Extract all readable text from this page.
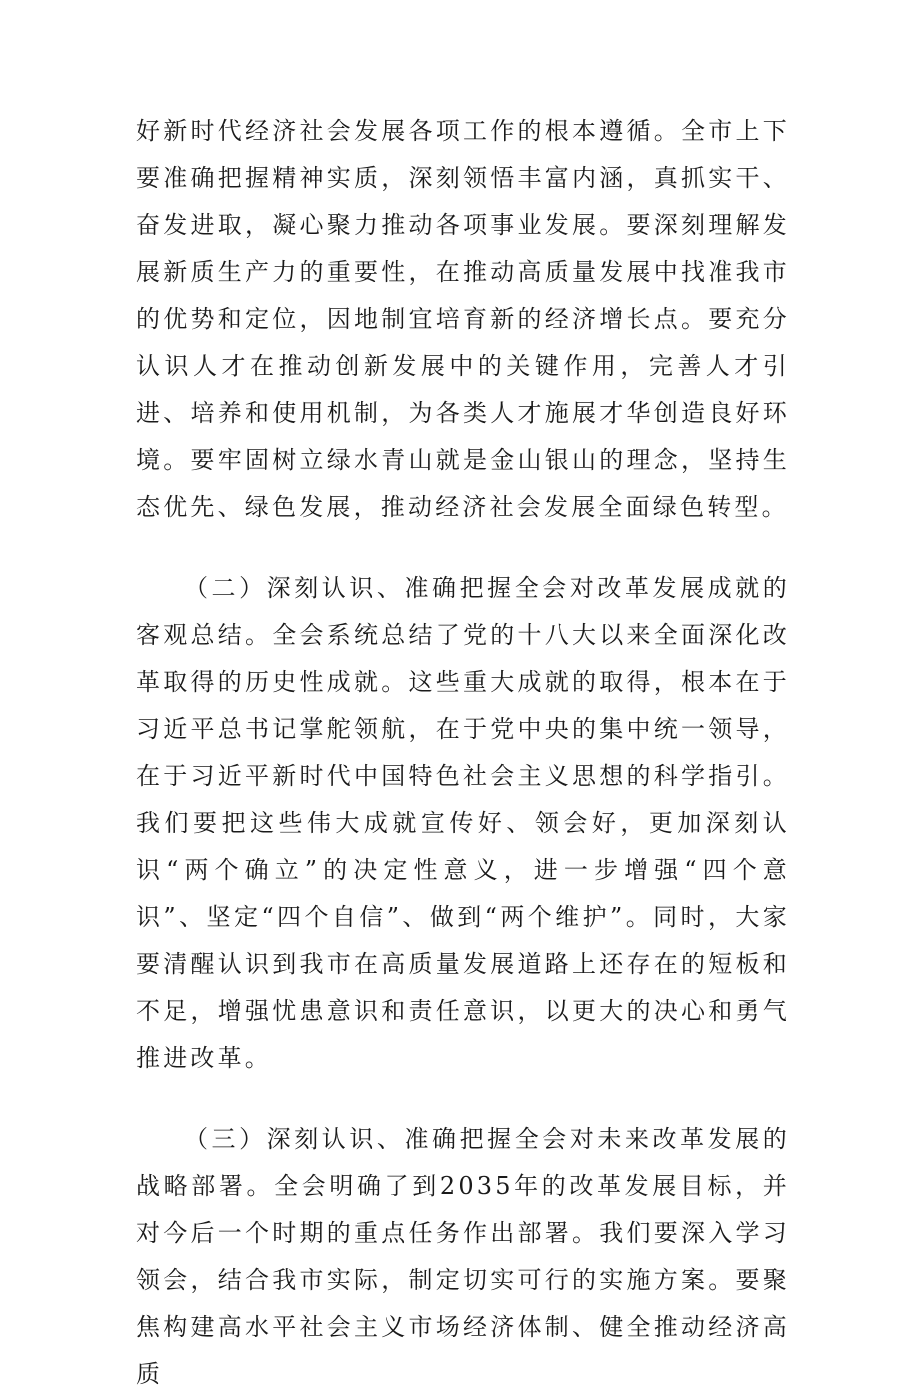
好新时代经济社会发展各项工作的根本遵循。全市上下要准确把握精神实质，深刻领悟丰富内涵，真抓实干、奋发进取，凝心聚力推动各项事业发展。要深刻理解发展新质生产力的重要性，在推动高质量发展中找准我市的优势和定位，因地制宜培育新的经济增长点。要充分认识人才在推动创新发展中的关键作用，完善人才引进、培养和使用机制，为各类人才施展才华创造良好环境。要牢固树立绿水青山就是金山银山的理念，坚持生态优先、绿色发展，推动经济社会发展全面绿色转型。

（二）深刻认识、准确把握全会对改革发展成就的客观总结。全会系统总结了党的十八大以来全面深化改革取得的历史性成就。这些重大成就的取得，根本在于习近平总书记掌舵领航，在于党中央的集中统一领导，在于习近平新时代中国特色社会主义思想的科学指引。我们要把这些伟大成就宣传好、领会好，更加深刻认识“两个确立”的决定性意义，进一步增强“四个意识”、坚定“四个自信”、做到“两个维护”。同时，大家要清醒认识到我市在高质量发展道路上还存在的短板和不足，增强忧患意识和责任意识，以更大的决心和勇气推进改革。

（三）深刻认识、准确把握全会对未来改革发展的战略部署。全会明确了到2035年的改革发展目标，并对今后一个时期的重点任务作出部署。我们要深入学习领会，结合我市实际，制定切实可行的实施方案。要聚焦构建高水平社会主义市场经济体制、健全推动经济高质
